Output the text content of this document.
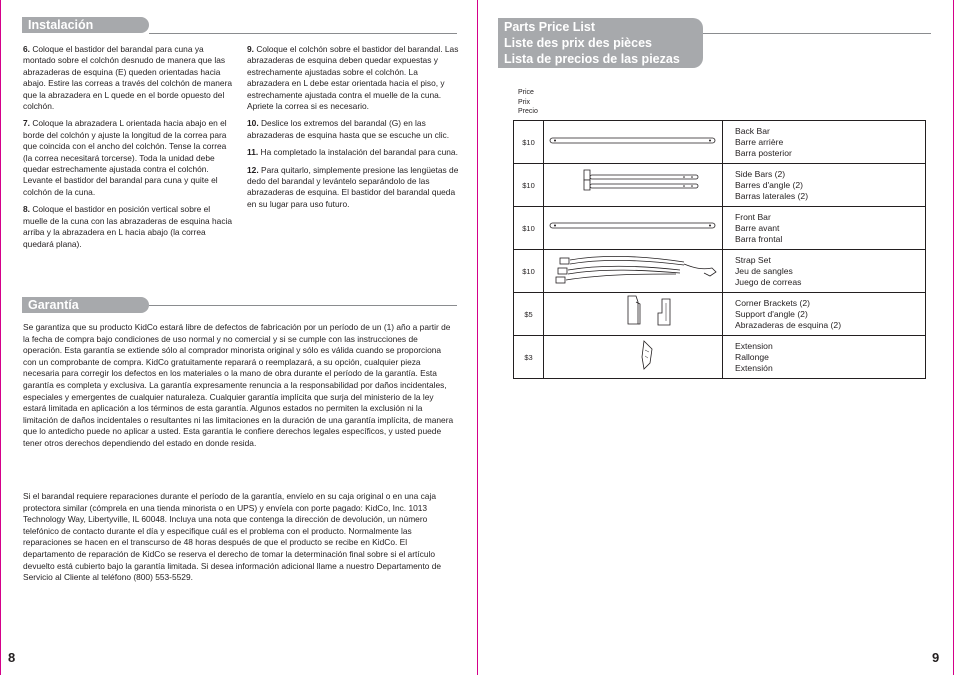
Instalación

6. Coloque el bastidor del barandal para cuna ya montado sobre el colchón desnudo de manera que las abrazaderas de esquina (E) queden orientadas hacia abajo. Estire las correas a través del colchón de manera que la abrazadera en L quede en el borde opuesto del colchón.

7. Coloque la abrazadera L orientada hacia abajo en el borde del colchón y ajuste la longitud de la correa para que coincida con el ancho del colchón. Tense la correa (la correa necesitará torcerse). Toda la unidad debe quedar estrechamente ajustada contra el colchón. Levante el bastidor del barandal para cuna y quite el colchón de la cuna.

8. Coloque el bastidor en posición vertical sobre el muelle de la cuna con las abrazaderas de esquina hacia arriba y la abrazadera en L hacia abajo (la correa quedará plana).

9. Coloque el colchón sobre el bastidor del barandal. Las abrazaderas de esquina deben quedar expuestas y estrechamente ajustadas sobre el colchón. La abrazadera en L debe estar orientada hacia el piso, y estrechamente ajustada contra el muelle de la cuna. Apriete la correa si es necesario.

10. Deslice los extremos del barandal (G) en las abrazaderas de esquina hasta que se escuche un clic.

11. Ha completado la instalación del barandal para cuna.

12. Para quitarlo, simplemente presione las lengüetas de dedo del barandal y levántelo separándolo de las abrazaderas de esquina. El bastidor del barandal queda en su lugar para uso futuro.

Garantía
Se garantiza que su producto KidCo estará libre de defectos de fabricación por un período de un (1) año a partir de la fecha de compra bajo condiciones de uso normal y no comercial y si se cumple con las instrucciones de operación. Esta garantía se extiende sólo al comprador minorista original y sólo es válida cuando se proporciona con un comprobante de compra. KidCo gratuitamente reparará o reemplazará, a su opción, cualquier pieza necesaria para corregir los defectos en los materiales o la mano de obra durante el período de la garantía. Esta garantía es completa y exclusiva. La garantía expresamente renuncia a la responsabilidad por daños incidentales, especiales y emergentes de cualquier naturaleza. Cualquier garantía implícita que surja del ministerio de la ley estará limitada en aplicación a los términos de esta garantía. Algunos estados no permiten la exclusión ni la limitación de daños incidentales o resultantes ni las limitaciones en la duración de una garantía implícita, de manera que lo antedicho puede no aplicar a usted. Esta garantía le confiere derechos legales específicos, y usted puede tener otros derechos dependiendo del estado en donde resida.
Si el barandal requiere reparaciones durante el período de la garantía, envíelo en su caja original o en una caja protectora similar (cómprela en una tienda minorista o en UPS) y envíela con porte pagado: KidCo, Inc. 1013 Technology Way, Libertyville, IL 60048. Incluya una nota que contenga la dirección de devolución, un número telefónico de contacto durante el día y especifique cuál es el problema con el producto. Normalmente las reparaciones se hacen en el transcurso de 48 horas después de que el producto se recibe en KidCo. El departamento de reparación de KidCo se reserva el derecho de tomar la determinación final sobre si el artículo devuelto está cubierto bajo la garantía limitada. Si desea información adicional llame a nuestro Departamento de Servicio al Cliente al teléfono (800) 553-5529.
8
Parts Price List
Liste des prix des pièces
Lista de precios de las piezas
Price
Prix
Precio
$10		Back Bar
Barre arrière
Barra posterior

$10		Side Bars (2)
Barres d'angle (2)
Barras laterales (2)

$10		Front Bar
Barre avant
Barra frontal

$10		Strap Set
Jeu de sangles
Juego de correas

$5		Corner Brackets (2)
Support d'angle (2)
Abrazaderas de esquina (2)

$3		Extension
Rallonge
Extensión
9
